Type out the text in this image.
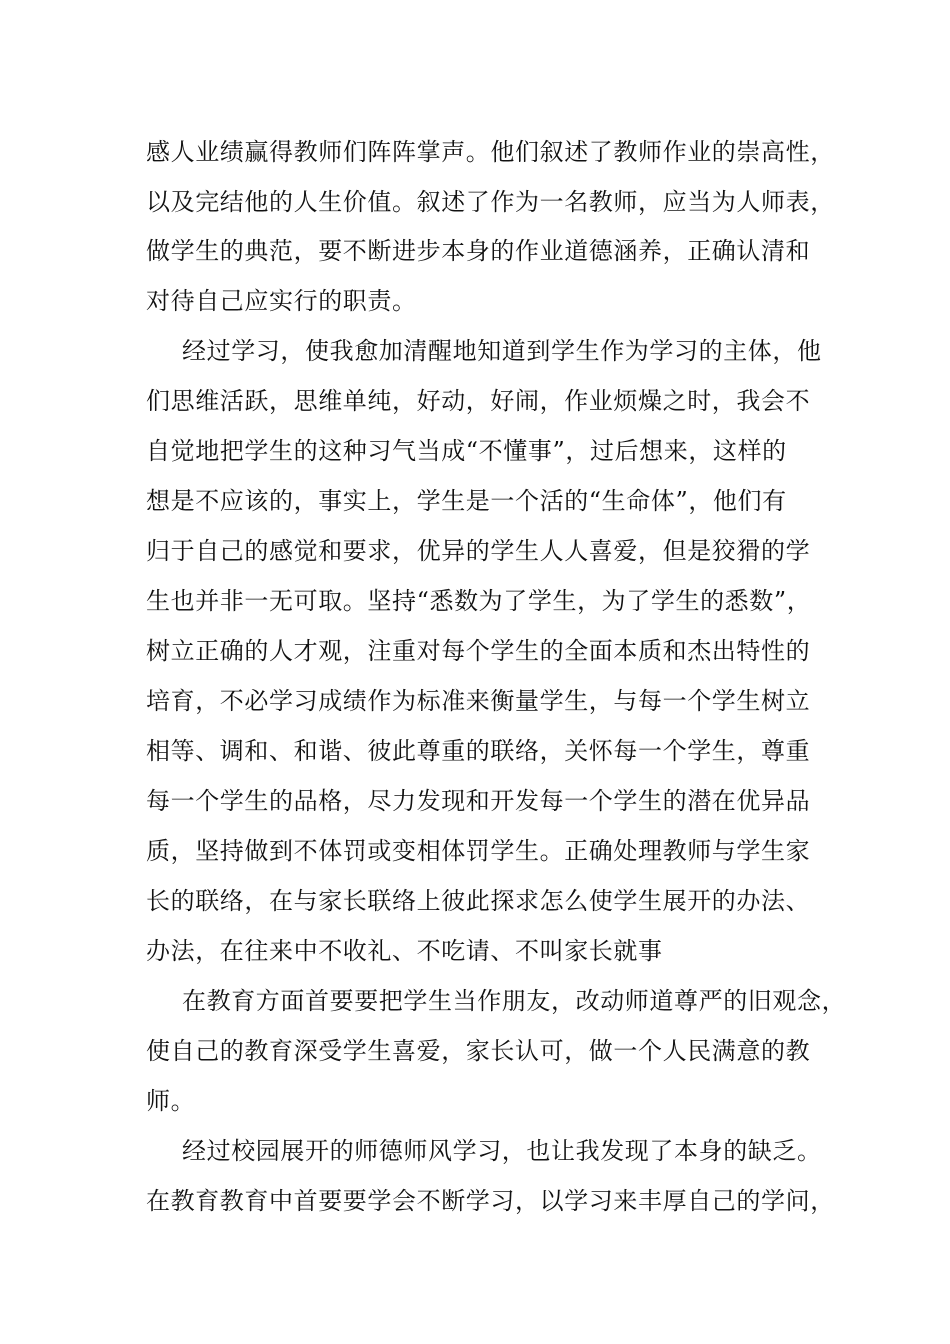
感人业绩赢得教师们阵阵掌声。他们叙述了教师作业的崇高性，
以及完结他的人生价值。叙述了作为一名教师，应当为人师表，
做学生的典范，要不断进步本身的作业道德涵养，正确认清和
对待自己应实行的职责。
经过学习，使我愈加清醒地知道到学生作为学习的主体，他
们思维活跃，思维单纯，好动，好闹，作业烦燥之时，我会不
自觉地把学生的这种习气当成“不懂事”，过后想来，这样的
想是不应该的，事实上，学生是一个活的“生命体”，他们有
归于自己的感觉和要求，优异的学生人人喜爱，但是狡猾的学
生也并非一无可取。坚持“悉数为了学生，为了学生的悉数”，
树立正确的人才观，注重对每个学生的全面本质和杰出特性的
培育，不必学习成绩作为标准来衡量学生，与每一个学生树立
相等、调和、和谐、彼此尊重的联络，关怀每一个学生，尊重
每一个学生的品格，尽力发现和开发每一个学生的潜在优异品
质，坚持做到不体罚或变相体罚学生。正确处理教师与学生家
长的联络，在与家长联络上彼此探求怎么使学生展开的办法、
办法，在往来中不收礼、不吃请、不叫家长就事
在教育方面首要要把学生当作朋友，改动师道尊严的旧观念，
使自己的教育深受学生喜爱，家长认可，做一个人民满意的教
师。
经过校园展开的师德师风学习，也让我发现了本身的缺乏。
在教育教育中首要要学会不断学习，以学习来丰厚自己的学问，
